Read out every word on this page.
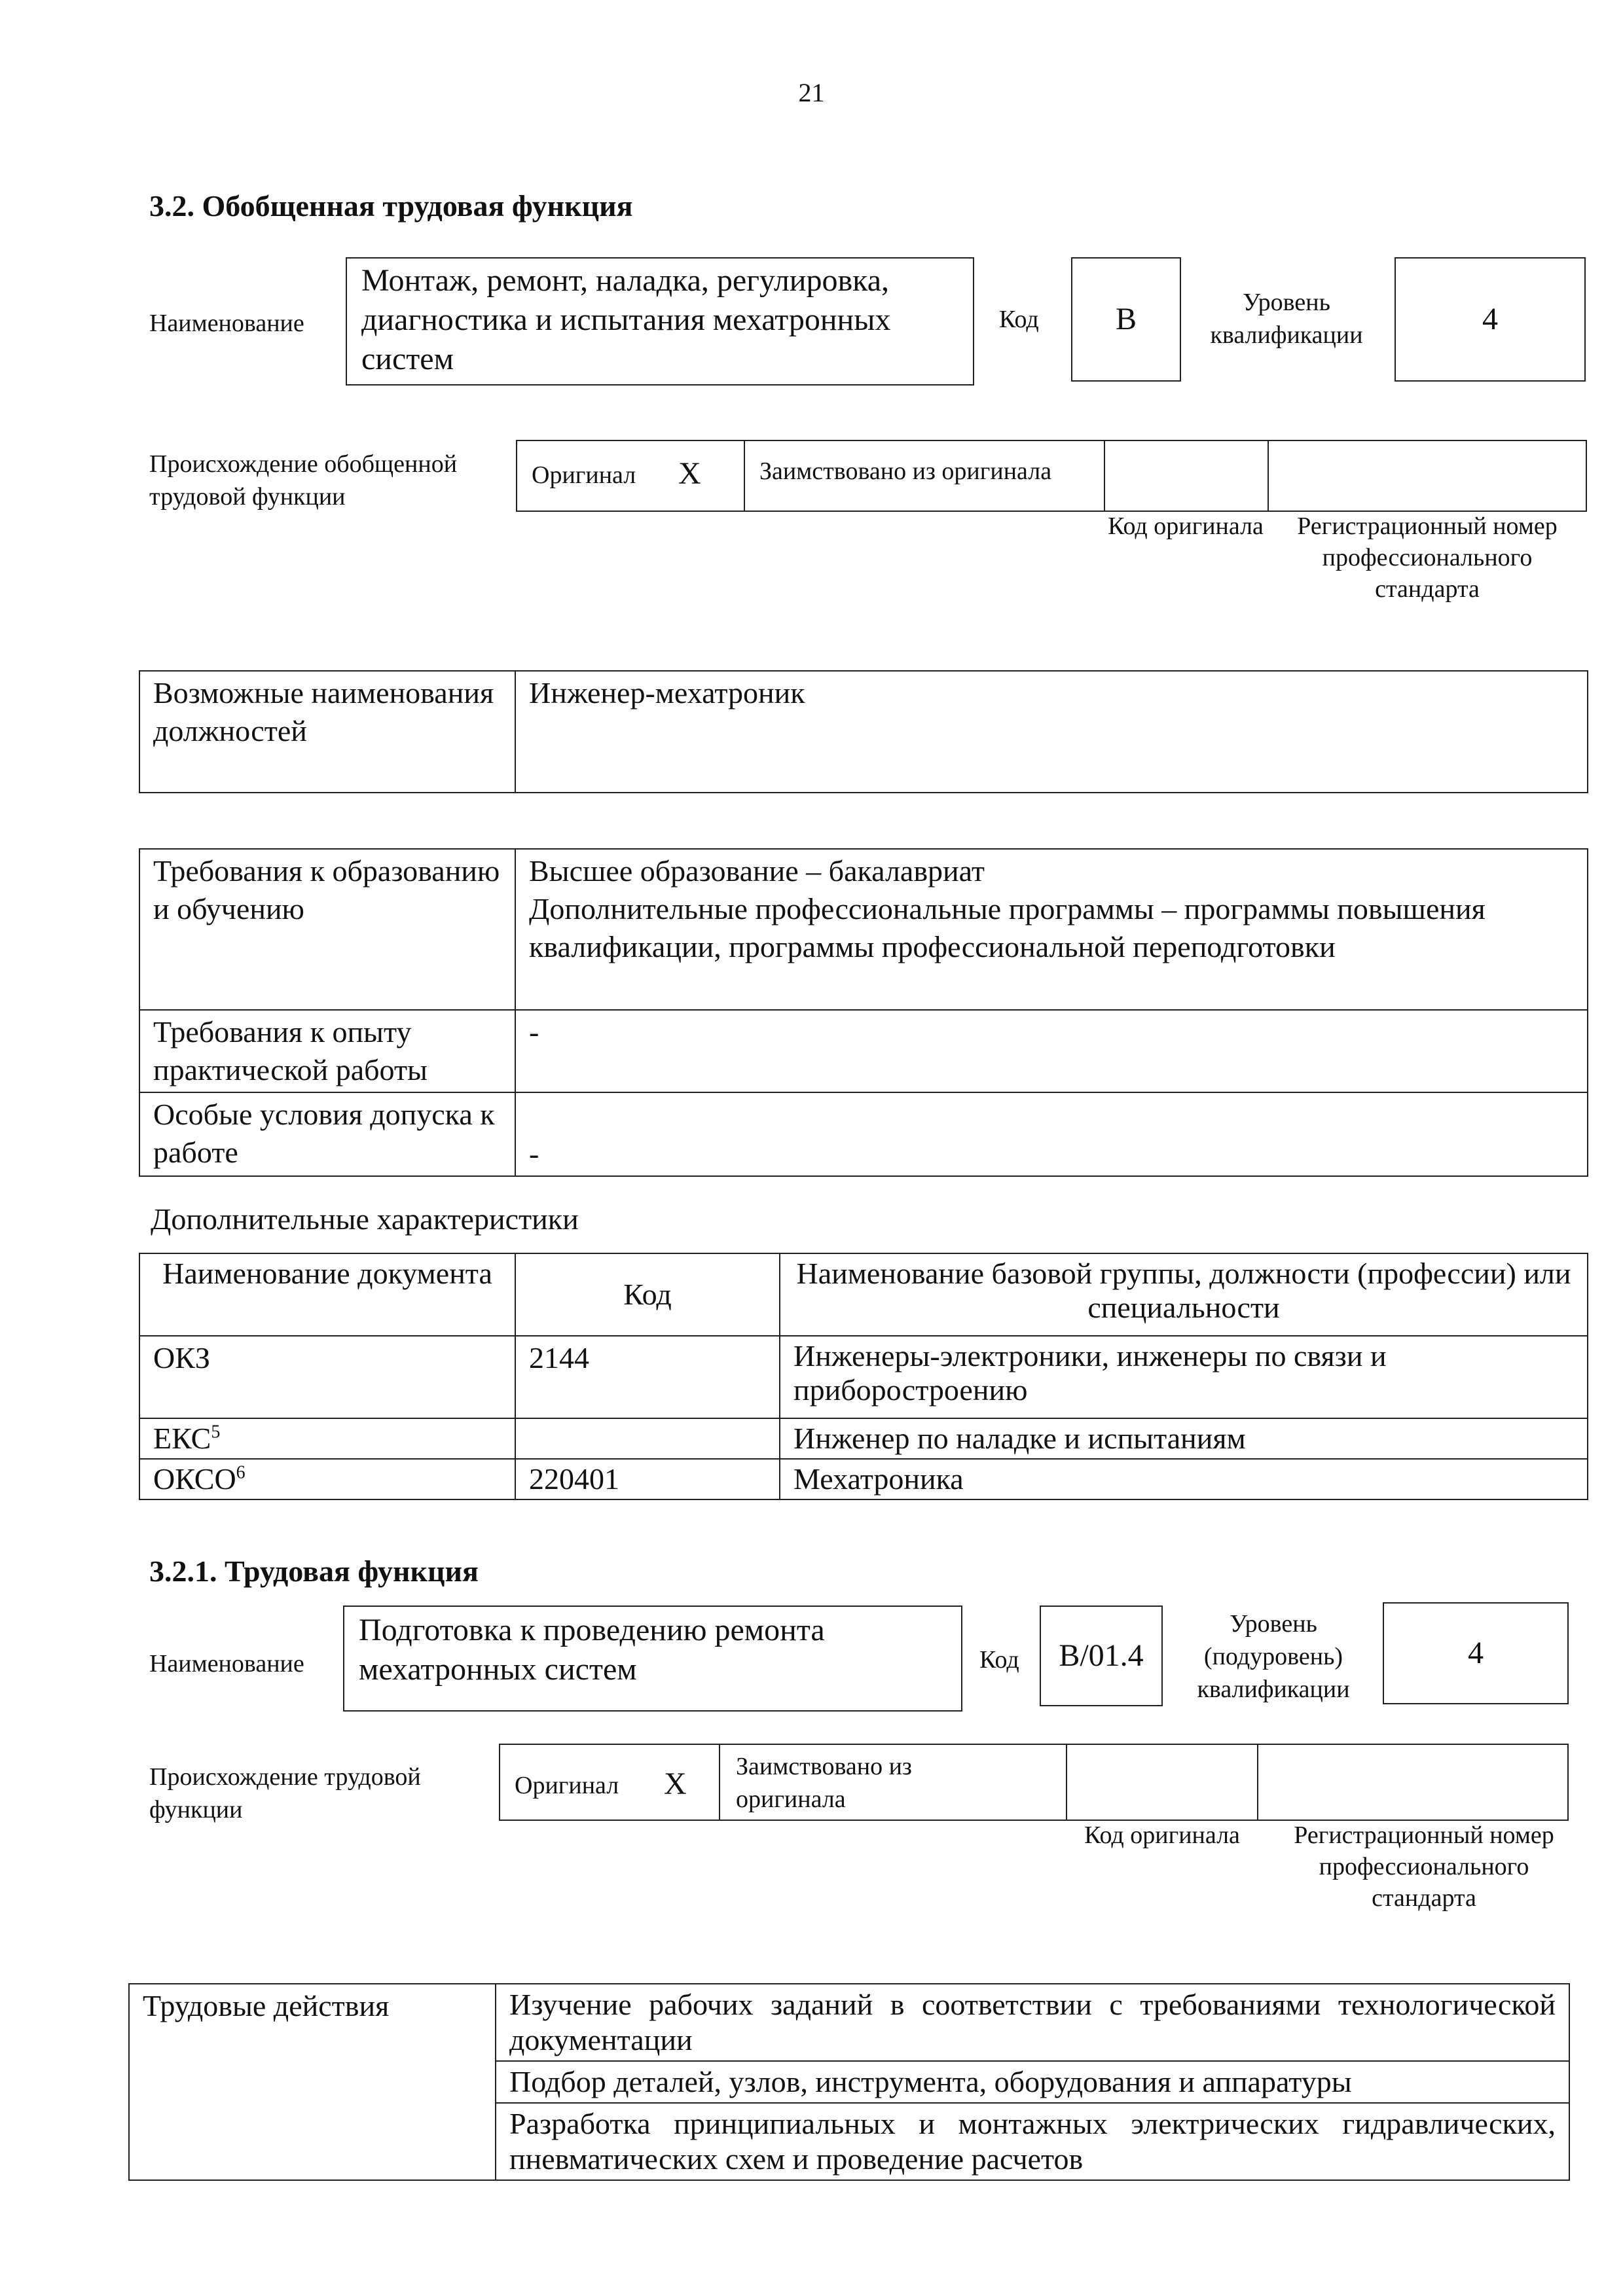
21
3.2. Обобщенная трудовая функция
Наименование
Монтаж, ремонт, наладка, регулировка, диагностика и испытания мехатронных систем
Код	B	Уровень квалификации	4
Происхождение обобщенной трудовой функции
Оригинал X Заимствовано из оригинала
Код оригинала	Регистрационный номер профессионального стандарта
Возможные наименования должностей	Инженер-мехатроник
Требования к образованию и обучению	Высшее образование – бакалавриат
Дополнительные профессиональные программы – программы повышения квалификации, программы профессиональной переподготовки
Требования к опыту практической работы	-
Особые условия допуска к работе	-
Дополнительные характеристики
Наименование документа	Код	Наименование базовой группы, должности (профессии) или специальности
ОКЗ	2144	Инженеры-электроники, инженеры по связи и приборостроению
ЕКС$^5$		Инженер по наладке и испытаниям
ОКСО$^6$	220401	Мехатроника
3.2.1. Трудовая функция
Наименование
Подготовка к проведению ремонта мехатронных систем	Код	B/01.4
Уровень (подуровень) квалификации
4
Происхождение трудовой функции
Оригинал X Заимствовано из оригинала
Код оригинала	Регистрационный номер профессионального стандарта
Трудовые действия	Изучение рабочих заданий в соответствии с требованиями технологической документации
Подбор деталей, узлов, инструмента, оборудования и аппаратуры
Разработка принципиальных и монтажных электрических гидравлических, пневматических схем и проведение расчетов
